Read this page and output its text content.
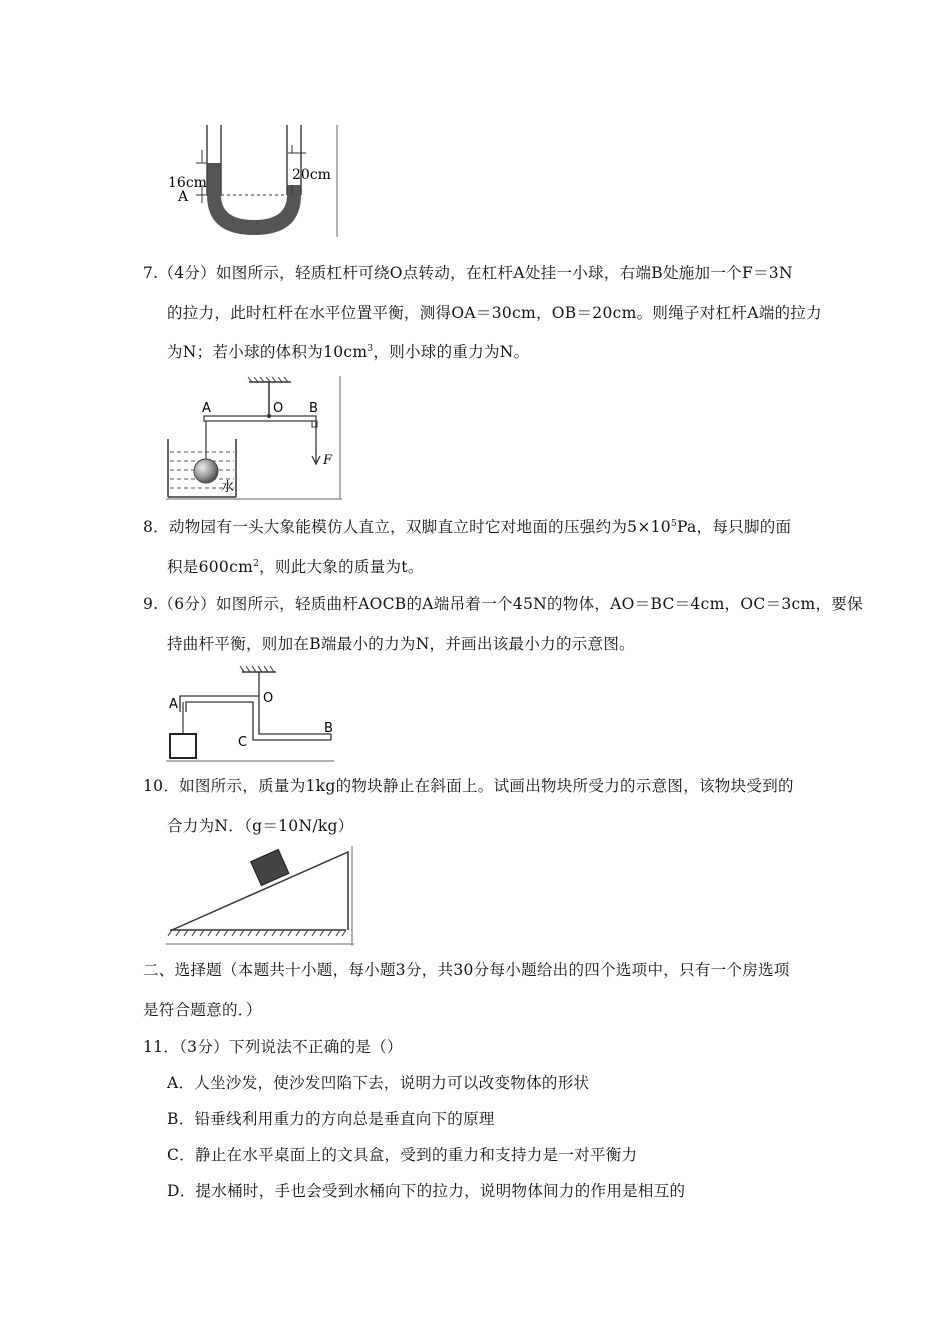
16cm
A
20cm
7.（4分）如图所示，轻质杠杆可绕O点转动，在杠杆A处挂一小球，右端B处施加一个F＝3N
的拉力，此时杠杆在水平位置平衡，测得OA＝30cm，OB＝20cm。则绳子对杠杆A端的拉力
为N；若小球的体积为$10cm^3$，则小球的重力为N。
F
A	O B
水
8．动物园有一头大象能模仿人直立，双脚直立时它对地面的压强约为$5\times 10^5Pa$，每只脚的面
积是$600cm^2$，则此大象的质量为t。
9.（6分）如图所示，轻质曲杆AOCB的A端吊着一个45N的物体，AO＝BC＝4cm，OC＝3cm，要保
持曲杆平衡，则加在B端最小的力为N，并画出该最小力的示意图。
A	O
C
B
10．如图所示，质量为1kg的物块静止在斜面上。试画出物块所受力的示意图，该物块受到的
合力为N．（g＝10N/kg）
二、选择题（本题共十小题，每小题3分，共30分每小题给出的四个选项中，只有一个房选项
是符合题意的．）
11．（3分）下列说法不正确的是（）
A．人坐沙发，使沙发凹陷下去，说明力可以改变物体的形状
B．铅垂线利用重力的方向总是垂直向下的原理
C．静止在水平桌面上的文具盒，受到的重力和支持力是一对平衡力
D．提水桶时，手也会受到水桶向下的拉力，说明物体间力的作用是相互的
